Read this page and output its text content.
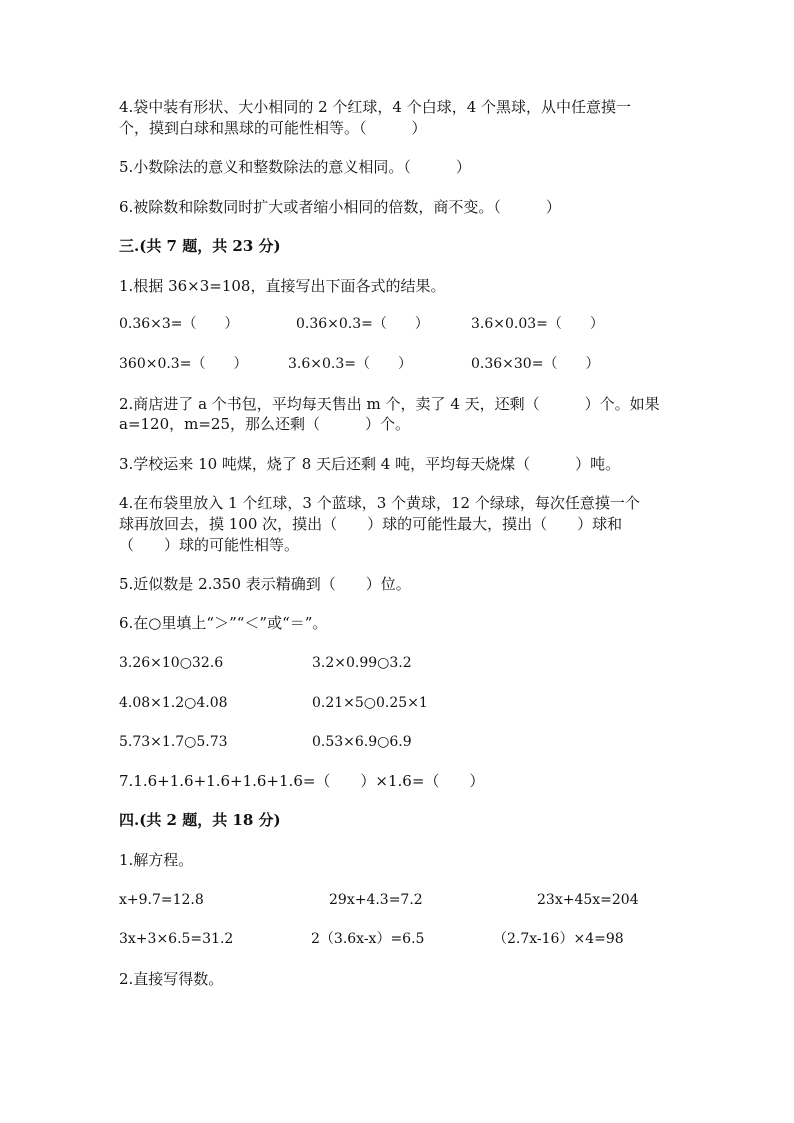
4.袋中装有形状、大小相同的 2 个红球，4 个白球，4 个黑球，从中任意摸一
个，摸到白球和黑球的可能性相等。（　　　）
5.小数除法的意义和整数除法的意义相同。（　　　）
6.被除数和除数同时扩大或者缩小相同的倍数，商不变。（　　　）
三.(共 7 题，共 23 分)
1.根据 36×3=108，直接写出下面各式的结果。
0.36×3=（　　）	0.36×0.3=（　　）	3.6×0.03=（　　）
360×0.3=（　　）	3.6×0.3=（　　）	0.36×30=（　　）
2.商店进了 a 个书包，平均每天售出 m 个，卖了 4 天，还剩（　　　）个。如果
a=120，m=25，那么还剩（　　　）个。
3.学校运来 10 吨煤，烧了 8 天后还剩 4 吨，平均每天烧煤（　　　）吨。
4.在布袋里放入 1 个红球，3 个蓝球，3 个黄球，12 个绿球，每次任意摸一个
球再放回去，摸 100 次，摸出（　　）球的可能性最大，摸出（　　）球和
（　　）球的可能性相等。
5.近似数是 2.350 表示精确到（　　）位。
6.在○里填上“＞”“＜”或“＝”。
3.26×10○32.6	3.2×0.99○3.2
4.08×1.2○4.08	0.21×5○0.25×1
5.73×1.7○5.73	0.53×6.9○6.9
7.1.6+1.6+1.6+1.6+1.6=（　　）×1.6=（　　）
四.(共 2 题，共 18 分)
1.解方程。
x+9.7=12.8	29x+4.3=7.2	23x+45x=204
3x+3×6.5=31.2	2（3.6x-x）=6.5	（2.7x-16）×4=98
2.直接写得数。
